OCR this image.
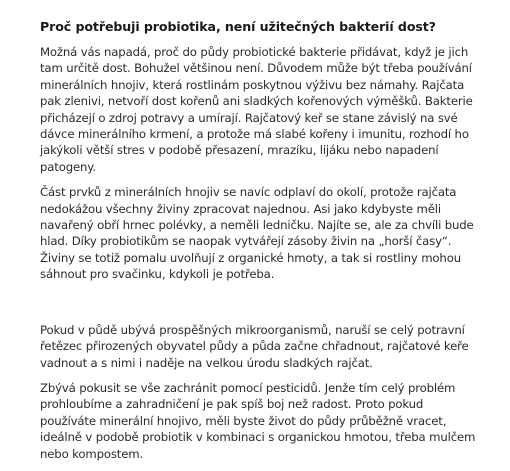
Proč potřebuji probiotika, není užitečných bakterií dost?

Možná vás napadá, proč do půdy probiotické bakterie přidávat, když je jich tam určitě dost. Bohužel většinou není. Důvodem může být třeba používání minerálních hnojiv, která rostlinám poskytnou výživu bez námahy. Rajčata pak zlenivi, netvoří dost kořenů ani sladkých kořenových výměšků. Bakterie přicházejí o zdroj potravy a umírají. Rajčatový keř se stane závislý na své dávce minerálního krmení, a protože má slabé kořeny i imunitu, rozhodí ho jakýkoli větší stres v podobě přesazení, mrazíku, lijáku nebo napadení patogeny.

Část prvků z minerálních hnojiv se navíc odplaví do okolí, protože rajčata nedokážou všechny živiny zpracovat najednou. Asi jako kdybyste měli navařený obří hrnec polévky, a neměli ledničku. Najíte se, ale za chvíli bude hlad. Díky probiotikům se naopak vytvářejí zásoby živin na „horší časy“. Živiny se totiž pomalu uvolňují z organické hmoty, a tak si rostliny mohou sáhnout pro svačinku, kdykoli je potřeba.

Pokud v půdě ubývá prospěšných mikroorganismů, naruší se celý potravní řetězec přirozených obyvatel půdy a půda začne chřadnout, rajčatové keře vadnout a s nimi i naděje na velkou úrodu sladkých rajčat.

Zbývá pokusit se vše zachránit pomocí pesticidů. Jenže tím celý problém prohloubíme a zahradničení je pak spíš boj než radost. Proto pokud používáte minerální hnojivo, měli byste život do půdy průběžně vracet, ideálně v podobě probiotik v kombinaci s organickou hmotou, třeba mulčem nebo kompostem.
